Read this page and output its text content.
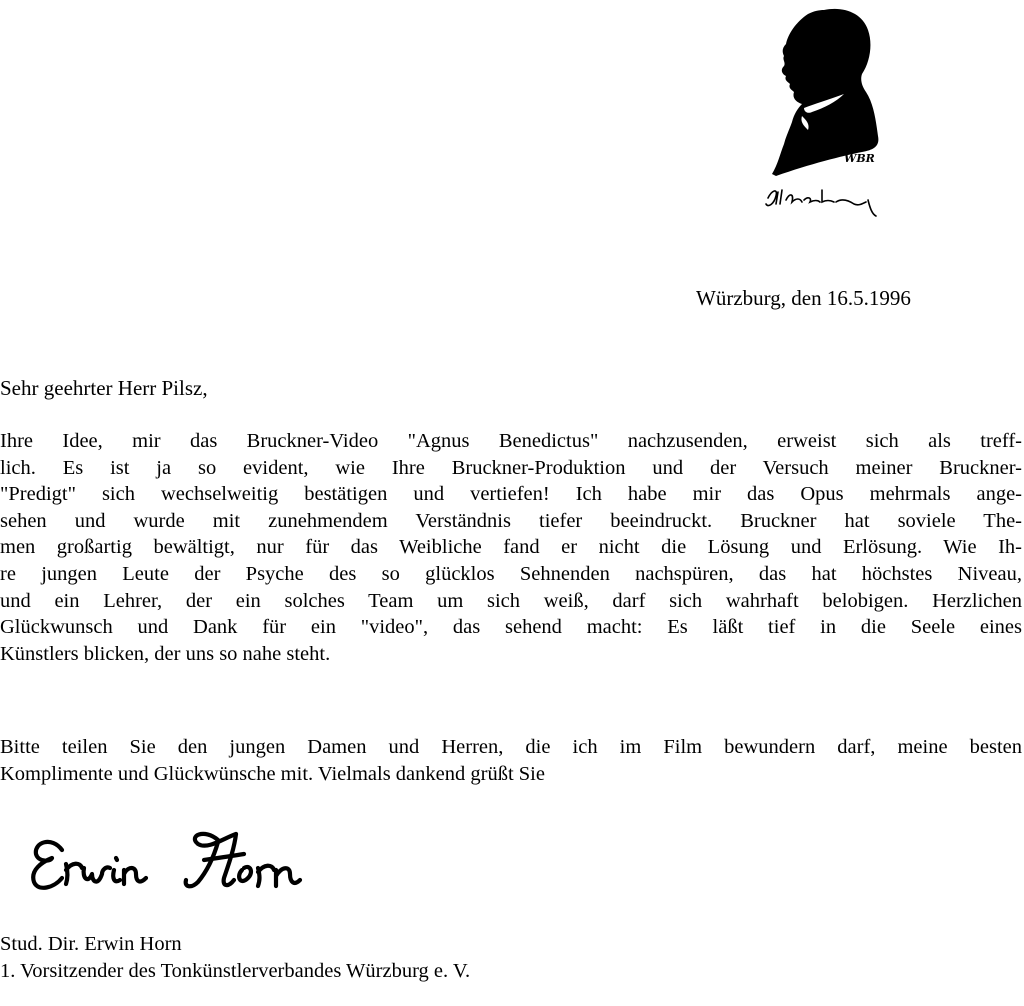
WBR
Würzburg, den 16.5.1996
Sehr geehrter Herr Pilsz,
Ihre Idee, mir das Bruckner-Video "Agnus Benedictus" nachzusenden, erweist sich als treff-
lich. Es ist ja so evident, wie Ihre Bruckner-Produktion und der Versuch meiner Bruckner-
"Predigt" sich wechselweitig bestätigen und vertiefen! Ich habe mir das Opus mehrmals ange-
sehen und wurde mit zunehmendem Verständnis tiefer beeindruckt. Bruckner hat soviele The-
men großartig bewältigt, nur für das Weibliche fand er nicht die Lösung und Erlösung. Wie Ih-
re jungen Leute der Psyche des so glücklos Sehnenden nachspüren, das hat höchstes Niveau,
und ein Lehrer, der ein solches Team um sich weiß, darf sich wahrhaft belobigen. Herzlichen
Glückwunsch und Dank für ein "video", das sehend macht: Es läßt tief in die Seele eines
Künstlers blicken, der uns so nahe steht.
Bitte teilen Sie den jungen Damen und Herren, die ich im Film bewundern darf, meine besten
Komplimente und Glückwünsche mit. Vielmals dankend grüßt Sie
Stud. Dir. Erwin Horn
1. Vorsitzender des Tonkünstlerverbandes Würzburg e. V.
